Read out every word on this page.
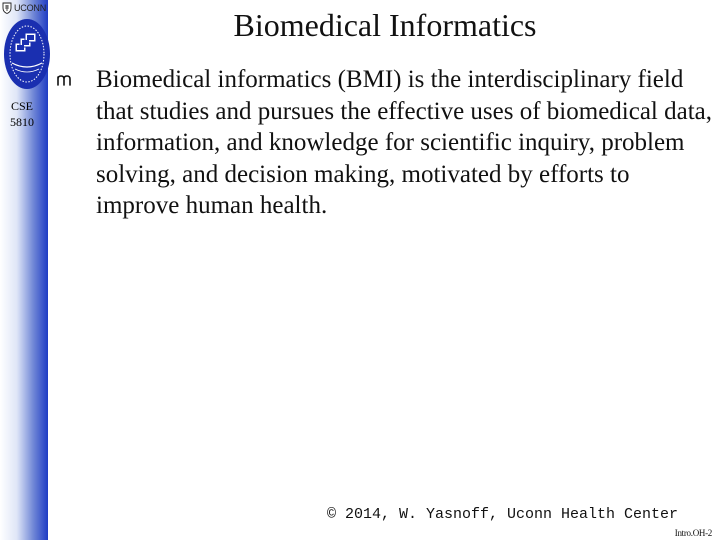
UCONN
CSE 5810
Biomedical Informatics
Biomedical informatics (BMI) is the interdisciplinary field that studies and pursues the effective uses of biomedical data, information, and knowledge for scientific inquiry, problem solving, and decision making, motivated by efforts to improve human health.
© 2014, W. Yasnoff, Uconn Health Center
Intro.OH-2
